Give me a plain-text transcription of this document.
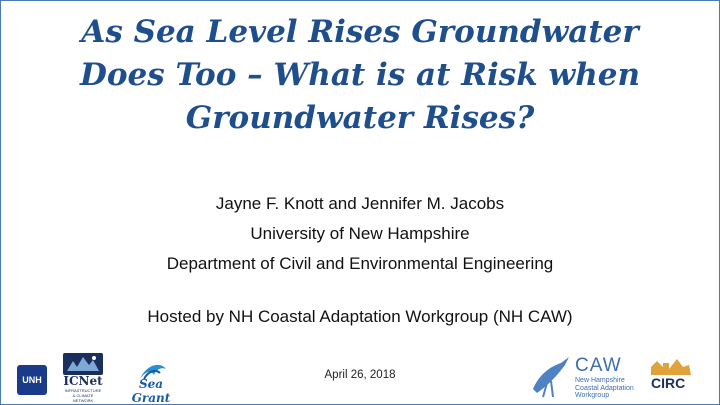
As Sea Level Rises Groundwater
Does Too – What is at Risk when
Groundwater Rises?
Jayne F. Knott and Jennifer M. Jacobs
University of New Hampshire
Department of Civil and Environmental Engineering
Hosted by NH Coastal Adaptation Workgroup (NH CAW)
April 26, 2018
UNH ICNet
INFRASTRUCTURE & CLIMATE NETWORK
Sea Grant
CAW
New Hampshire
Coastal Adaptation
Workgroup
CIRC
